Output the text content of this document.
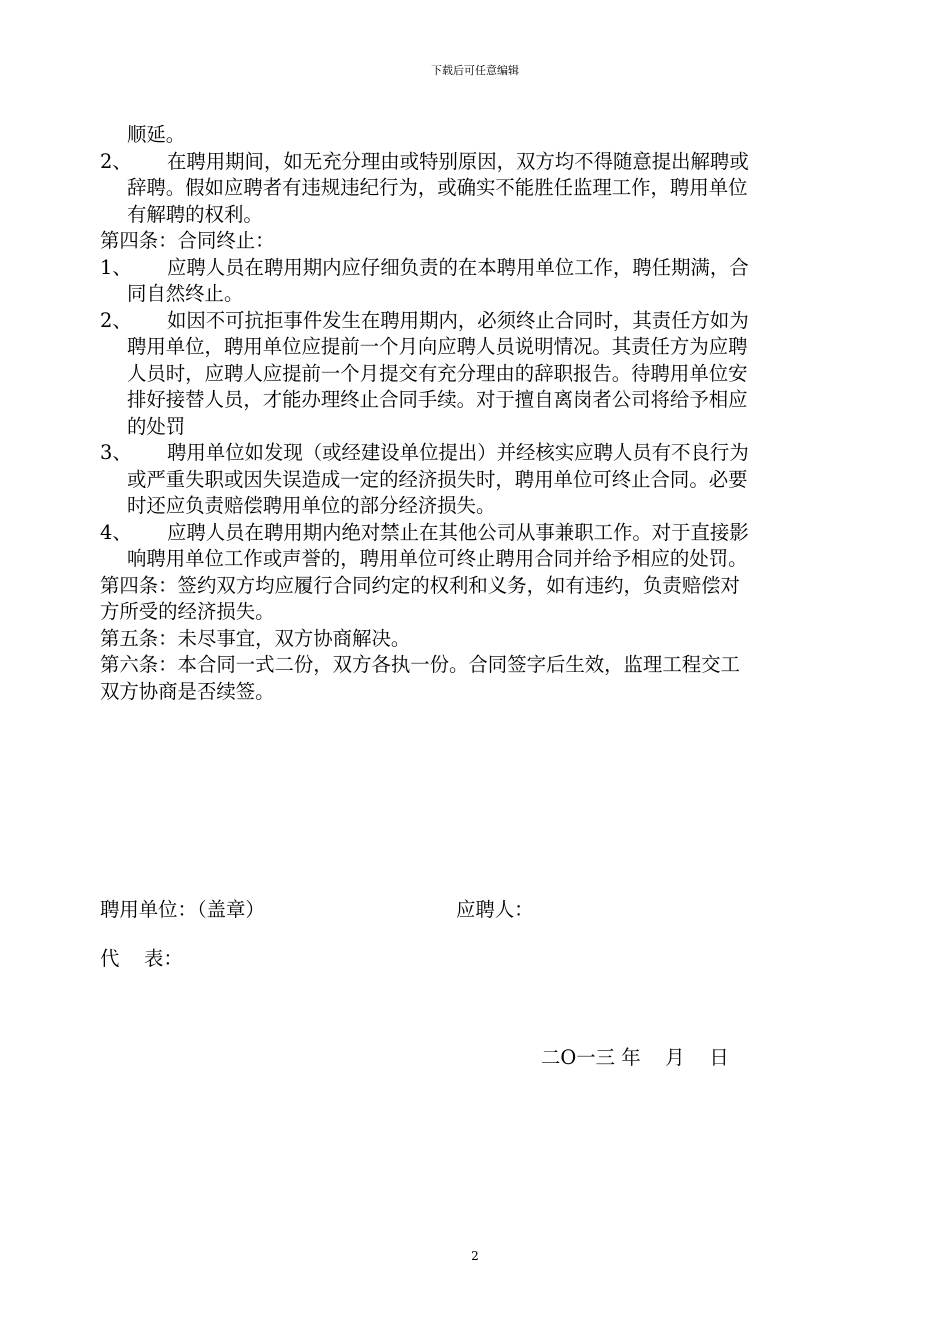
下载后可任意编辑
顺延。
2、 在聘用期间，如无充分理由或特别原因，双方均不得随意提出解聘或
辞聘。假如应聘者有违规违纪行为，或确实不能胜任监理工作，聘用单位
有解聘的权利。
第四条：合同终止：
1、 应聘人员在聘用期内应仔细负责的在本聘用单位工作，聘任期满，合
同自然终止。
2、 如因不可抗拒事件发生在聘用期内，必须终止合同时，其责任方如为
聘用单位，聘用单位应提前一个月向应聘人员说明情况。其责任方为应聘
人员时，应聘人应提前一个月提交有充分理由的辞职报告。待聘用单位安
排好接替人员，才能办理终止合同手续。对于擅自离岗者公司将给予相应
的处罚
3、 聘用单位如发现（或经建设单位提出）并经核实应聘人员有不良行为
或严重失职或因失误造成一定的经济损失时，聘用单位可终止合同。必要
时还应负责赔偿聘用单位的部分经济损失。
4、 应聘人员在聘用期内绝对禁止在其他公司从事兼职工作。对于直接影
响聘用单位工作或声誉的，聘用单位可终止聘用合同并给予相应的处罚。
第四条：签约双方均应履行合同约定的权利和义务，如有违约，负责赔偿对
方所受的经济损失。
第五条：未尽事宜，双方协商解决。
第六条：本合同一式二份，双方各执一份。合同签字后生效，监理工程交工
双方协商是否续签。
聘用单位：（盖章）	应聘人：
代    表：
二O一三 年    月    日
2
